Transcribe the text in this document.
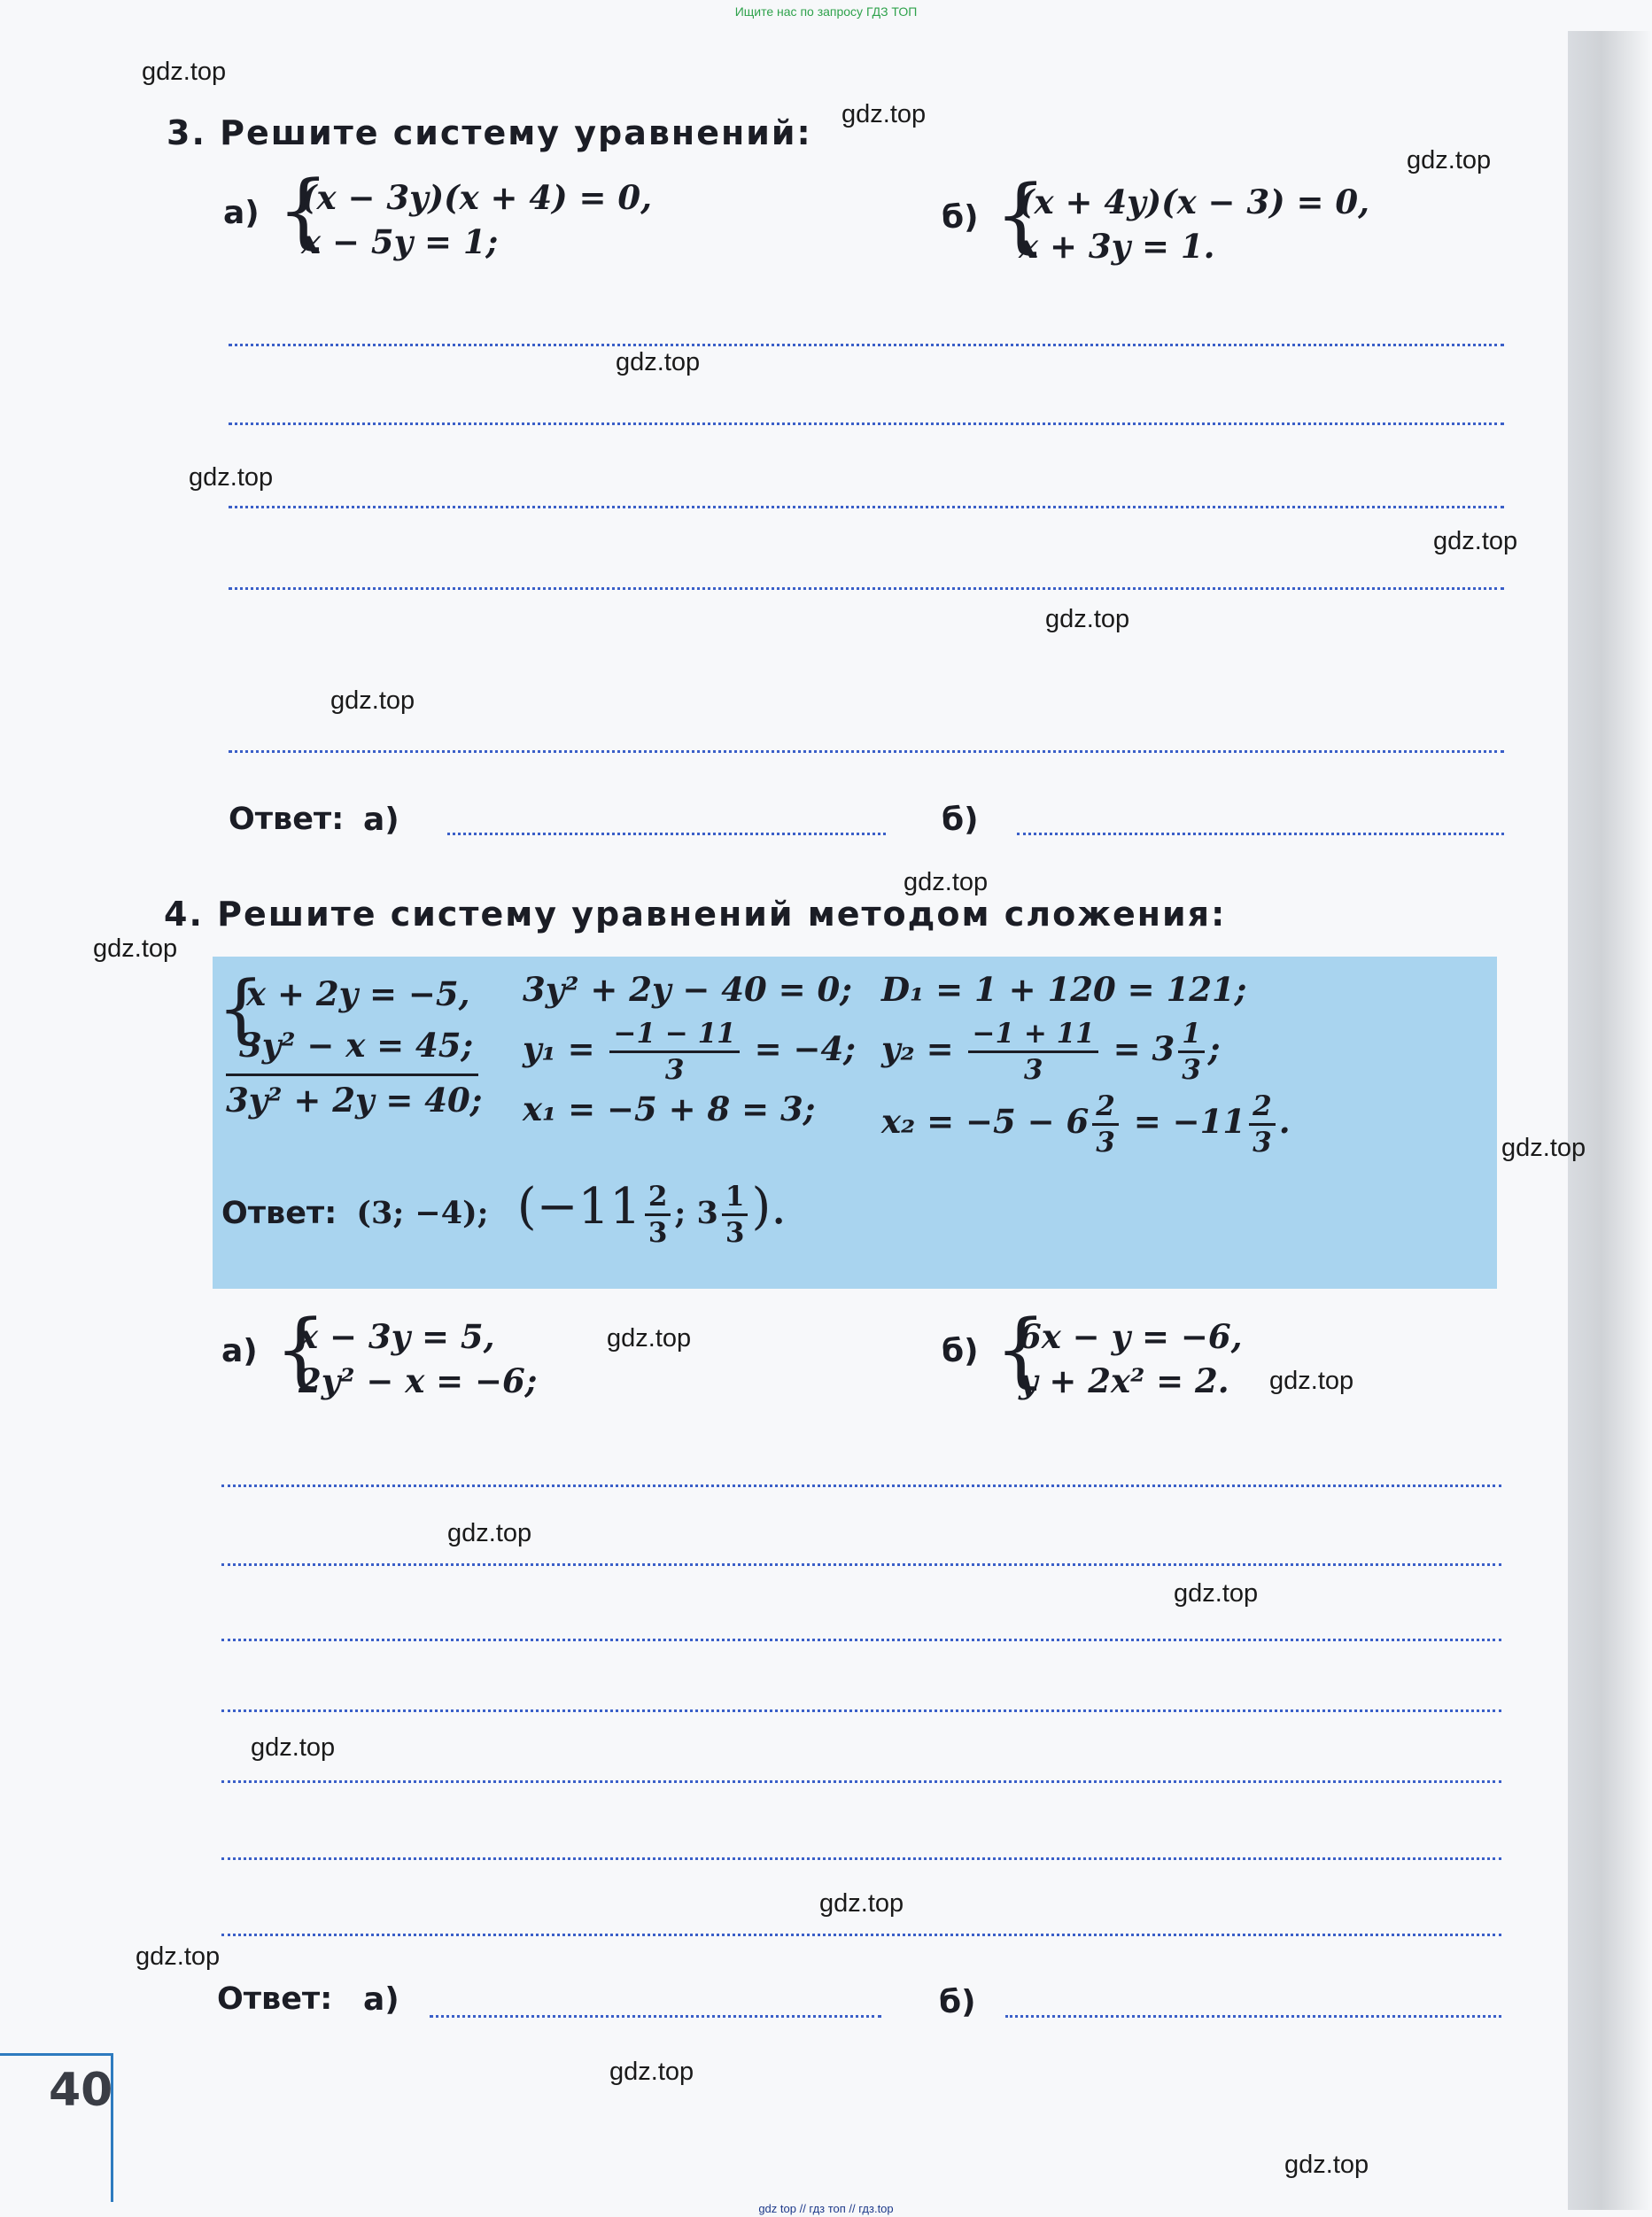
Ищите нас по запросу ГДЗ ТОП
3. Решите систему уравнений:
а) {
(x − 3y)(x + 4) = 0,
x − 5y = 1;
б) {
(x + 4y)(x − 3) = 0,
x + 3y = 1.
Ответ: а)	б)
4. Решите систему уравнений методом сложения:
{
x + 2y = −5,
3y² − x = 45;
3y² + 2y = 40;
3y² + 2y − 40 = 0; D₁ = 1 + 120 = 121;
$y_1 = \frac{-1 - 11}{3} = -4$; $y_2 = \frac{-1 + 11}{3} = 3 \frac{1}{3}$ ;
x₁ = −5 + 8 = 3; $x_2 = -5 - 6 \frac{2}{3} = -11 \frac{2}{3}$ .
Ответ: (3; −4); ($-11 \frac{2}{3}$ ; $3 \frac{1}{3}$ ).
а) {
x − 3y = 5,
2y² − x = −6;
б) {
6x − y = −6,
y + 2x² = 2.
Ответ: а)	б)
40
gdz.top
gdz.top
gdz.top
gdz.top
gdz.top
gdz.top
gdz.top
gdz.top
gdz.top
gdz.top
gdz.top
gdz.top
gdz.top
gdz.top
gdz.top
gdz.top
gdz.top
gdz.top
gdz.top
gdz.top
gdz top // гдз топ // гдз.top
